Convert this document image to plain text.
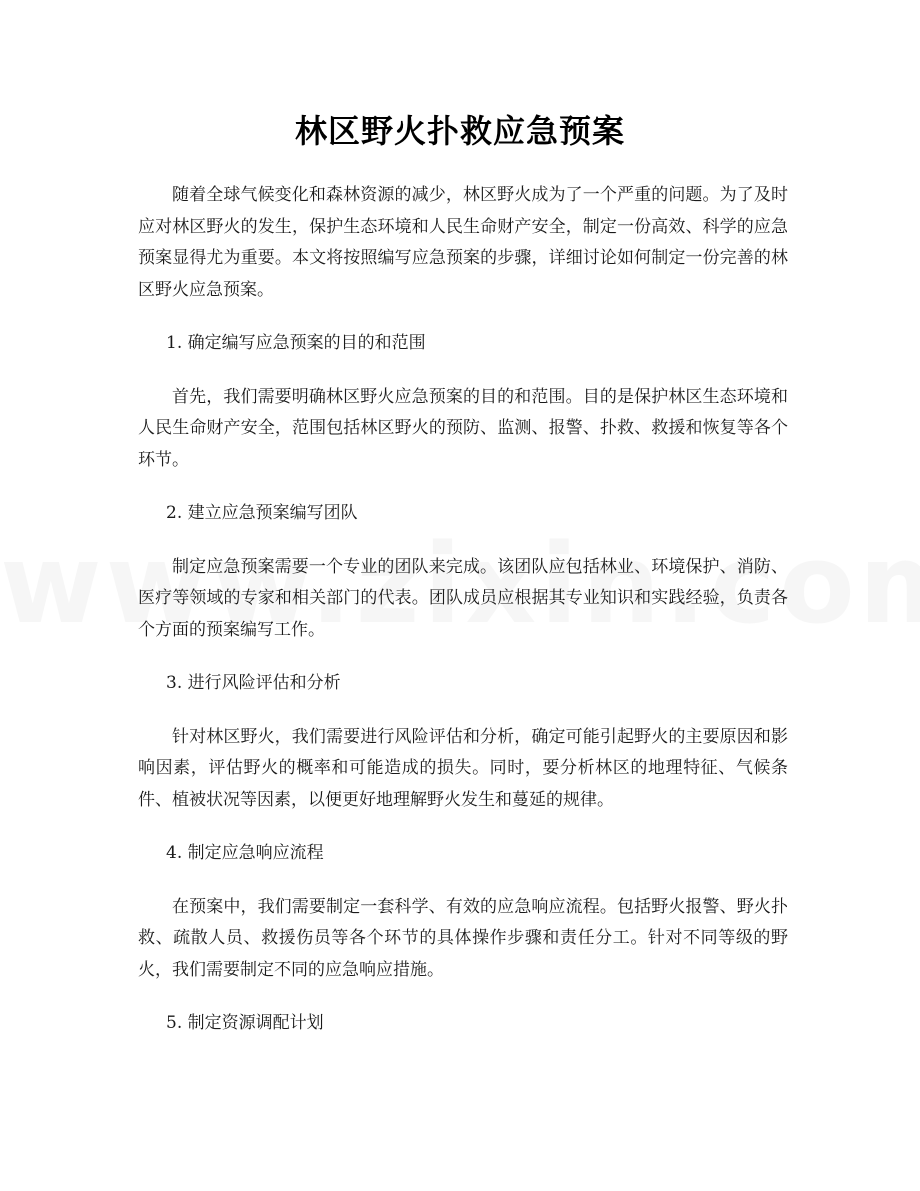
林区野火扑救应急预案

随着全球气候变化和森林资源的减少，林区野火成为了一个严重的问题。为了及时应对林区野火的发生，保护生态环境和人民生命财产安全，制定一份高效、科学的应急预案显得尤为重要。本文将按照编写应急预案的步骤，详细讨论如何制定一份完善的林区野火应急预案。

1. 确定编写应急预案的目的和范围

首先，我们需要明确林区野火应急预案的目的和范围。目的是保护林区生态环境和人民生命财产安全，范围包括林区野火的预防、监测、报警、扑救、救援和恢复等各个环节。

2. 建立应急预案编写团队

制定应急预案需要一个专业的团队来完成。该团队应包括林业、环境保护、消防、医疗等领域的专家和相关部门的代表。团队成员应根据其专业知识和实践经验，负责各个方面的预案编写工作。

3. 进行风险评估和分析

针对林区野火，我们需要进行风险评估和分析，确定可能引起野火的主要原因和影响因素，评估野火的概率和可能造成的损失。同时，要分析林区的地理特征、气候条件、植被状况等因素，以便更好地理解野火发生和蔓延的规律。

4. 制定应急响应流程

在预案中，我们需要制定一套科学、有效的应急响应流程。包括野火报警、野火扑救、疏散人员、救援伤员等各个环节的具体操作步骤和责任分工。针对不同等级的野火，我们需要制定不同的应急响应措施。

5. 制定资源调配计划
